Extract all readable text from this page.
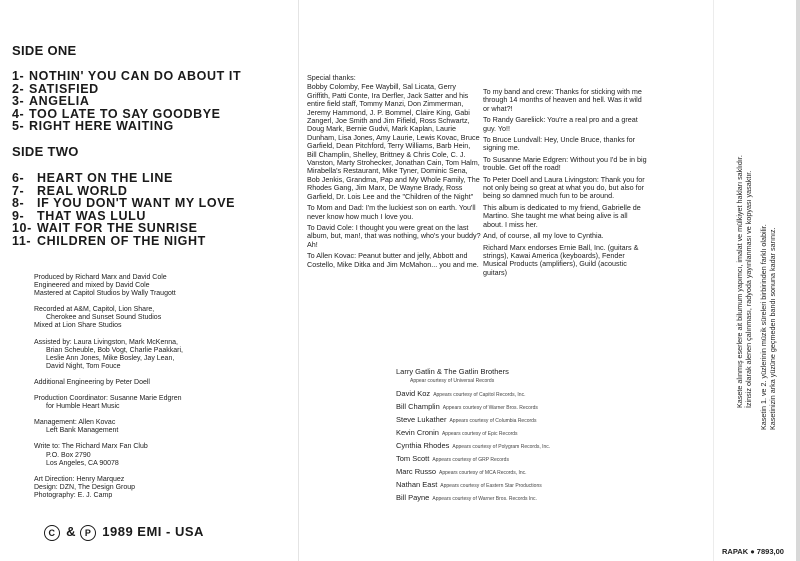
SIDE ONE
1- NOTHIN' YOU CAN DO ABOUT IT
2- SATISFIED
3- ANGELIA
4- TOO LATE TO SAY GOODBYE
5- RIGHT HERE WAITING
SIDE TWO
6- HEART ON THE LINE
7- REAL WORLD
8- IF YOU DON'T WANT MY LOVE
9- THAT WAS LULU
10- WAIT FOR THE SUNRISE
11- CHILDREN OF THE NIGHT

Produced by Richard Marx and David Cole
Engineered and mixed by David Cole
Mastered at Capitol Studios by Wally Traugott

Recorded at A&M, Capitol, Lion Share,
Cherokee and Sunset Sound Studios
Mixed at Lion Share Studios

Assisted by: Laura Livingston, Mark McKenna,
Brian Scheuble, Bob Vogt, Charlie Paakkari,
Leslie Ann Jones, Mike Bosley, Jay Lean,
David Night, Tom Fouce

Additional Engineering by Peter Doell

Production Coordinator: Susanne Marie Edgren
for Humble Heart Music

Management: Allen Kovac
Left Bank Management

Write to: The Richard Marx Fan Club
P.O. Box 2790
Los Angeles, CA 90078

Art Direction: Henry Marquez
Design: DZN, The Design Group
Photography: E. J. Camp

C & P 1989 EMI - USA

Special thanks:

Bobby Colomby, Fee Waybill, Sal Licata, Gerry Griffith, Patti Conte, Ira Derfler, Jack Satter and his entire field staff, Tommy Manzi, Don Zimmerman, Jeremy Hammond, J. P. Bommel, Claire King, Gabi Zangerl, Joe Smith and Jim Fifield, Ross Schwartz, Doug Mark, Bernie Gudvi, Mark Kaplan, Laurie Dunham, Lisa Jones, Amy Laurie, Lewis Kovac, Bruce Garfield, Dean Pitchford, Terry Williams, Barb Hein, Bill Champlin, Shelley, Brittney & Chris Cole, C. J. Vanston, Marty Strohecker, Jonathan Cain, Tom Halm, Mirabella's Restaurant, Mike Tyner, Dominic Sena, Bob Jenkis, Grandma, Pap and My Whole Family, The Rhodes Gang, Jim Marx, De Wayne Brady, Ross Garfield, Dr. Lois Lee and the "Children of the Night"

To Mom and Dad: I'm the luckiest son on earth. You'll never know how much I love you.

To David Cole: I thought you were great on the last album, but, man!, that was nothing, who's your buddy? Ah!

To Allen Kovac: Peanut butter and jelly, Abbott and Costello, Mike Ditka and Jim McMahon... you and me.

To my band and crew: Thanks for sticking with me through 14 months of heaven and hell. Was it wild or what?!

To Randy Gareliick: You're a real pro and a great guy. Yo!!

To Bruce Lundvall: Hey, Uncle Bruce, thanks for signing me.

To Susanne Marie Edgren: Without you I'd be in big trouble. Get off the road!

To Peter Doell and Laura Livingston: Thank you for not only being so great at what you do, but also for being so damned much fun to be around.

This album is dedicated to my friend, Gabrielle de Martino. She taught me what being alive is all about. I miss her.

And, of course, all my love to Cynthia.

Richard Marx endorses Ernie Ball, Inc. (guitars & strings), Kawai America (keyboards), Fender Musical Products (amplifiers), Guild (acoustic guitars)

Larry Gatlin & The Gatlin Brothers
Appear courtesy of Universal Records
David Koz Appears courtesy of Capitol Records, Inc.
Bill Champlin Appears courtesy of Warner Bros. Records
Steve Lukather Appears courtesy of Columbia Records
Kevin Cronin Appears courtesy of Epic Records
Cynthia Rhodes Appears courtesy of Polygram Records, Inc.
Tom Scott Appears courtesy of GRP Records
Marc Russo Appears courtesy of MCA Records, Inc.
Nathan East Appears courtesy of Eastern Star Productions
Bill Payne Appears courtesy of Warner Bros. Records Inc.
Kasete alınmış eserlere ait bilumum yapımcı, imalat ve mülkiyet hakları saklıdır. İzinsiz olarak alenen çalınması, radyoda yayınlanması ve kopyası yasaktır. Kasetin 1. ve 2. yüzlerinin müzik süreleri birbirinden farklı olabilir. Kasetinizin arka yüzüne geçmeden bandı sonuna kadar sarınız.
RAPAK ● 7893,00
